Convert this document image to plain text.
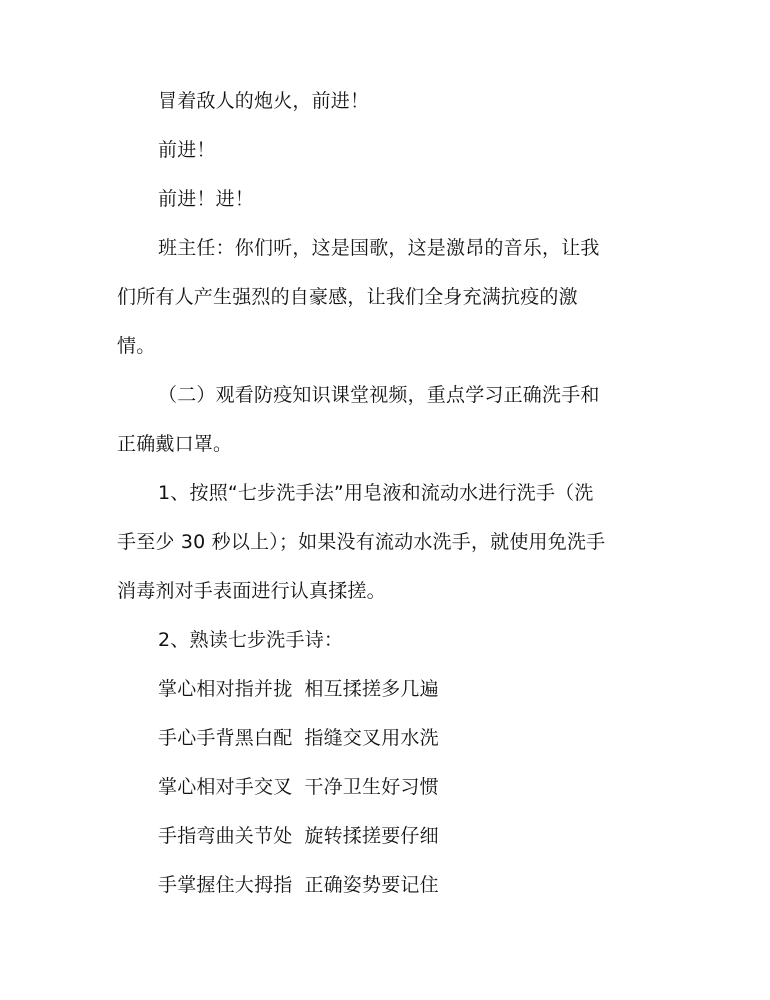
冒着敌人的炮火，前进！
前进！
前进！进！
班主任：你们听，这是国歌，这是激昂的音乐，让我
们所有人产生强烈的自豪感，让我们全身充满抗疫的激
情。
（二）观看防疫知识课堂视频，重点学习正确洗手和
正确戴口罩。
1、按照“七步洗手法”用皂液和流动水进行洗手（洗
手至少 30 秒以上）；如果没有流动水洗手，就使用免洗手
消毒剂对手表面进行认真揉搓。
2、熟读七步洗手诗：
掌心相对指并拢 相互揉搓多几遍
手心手背黑白配 指缝交叉用水洗
掌心相对手交叉 干净卫生好习惯
手指弯曲关节处 旋转揉搓要仔细
手掌握住大拇指 正确姿势要记住
